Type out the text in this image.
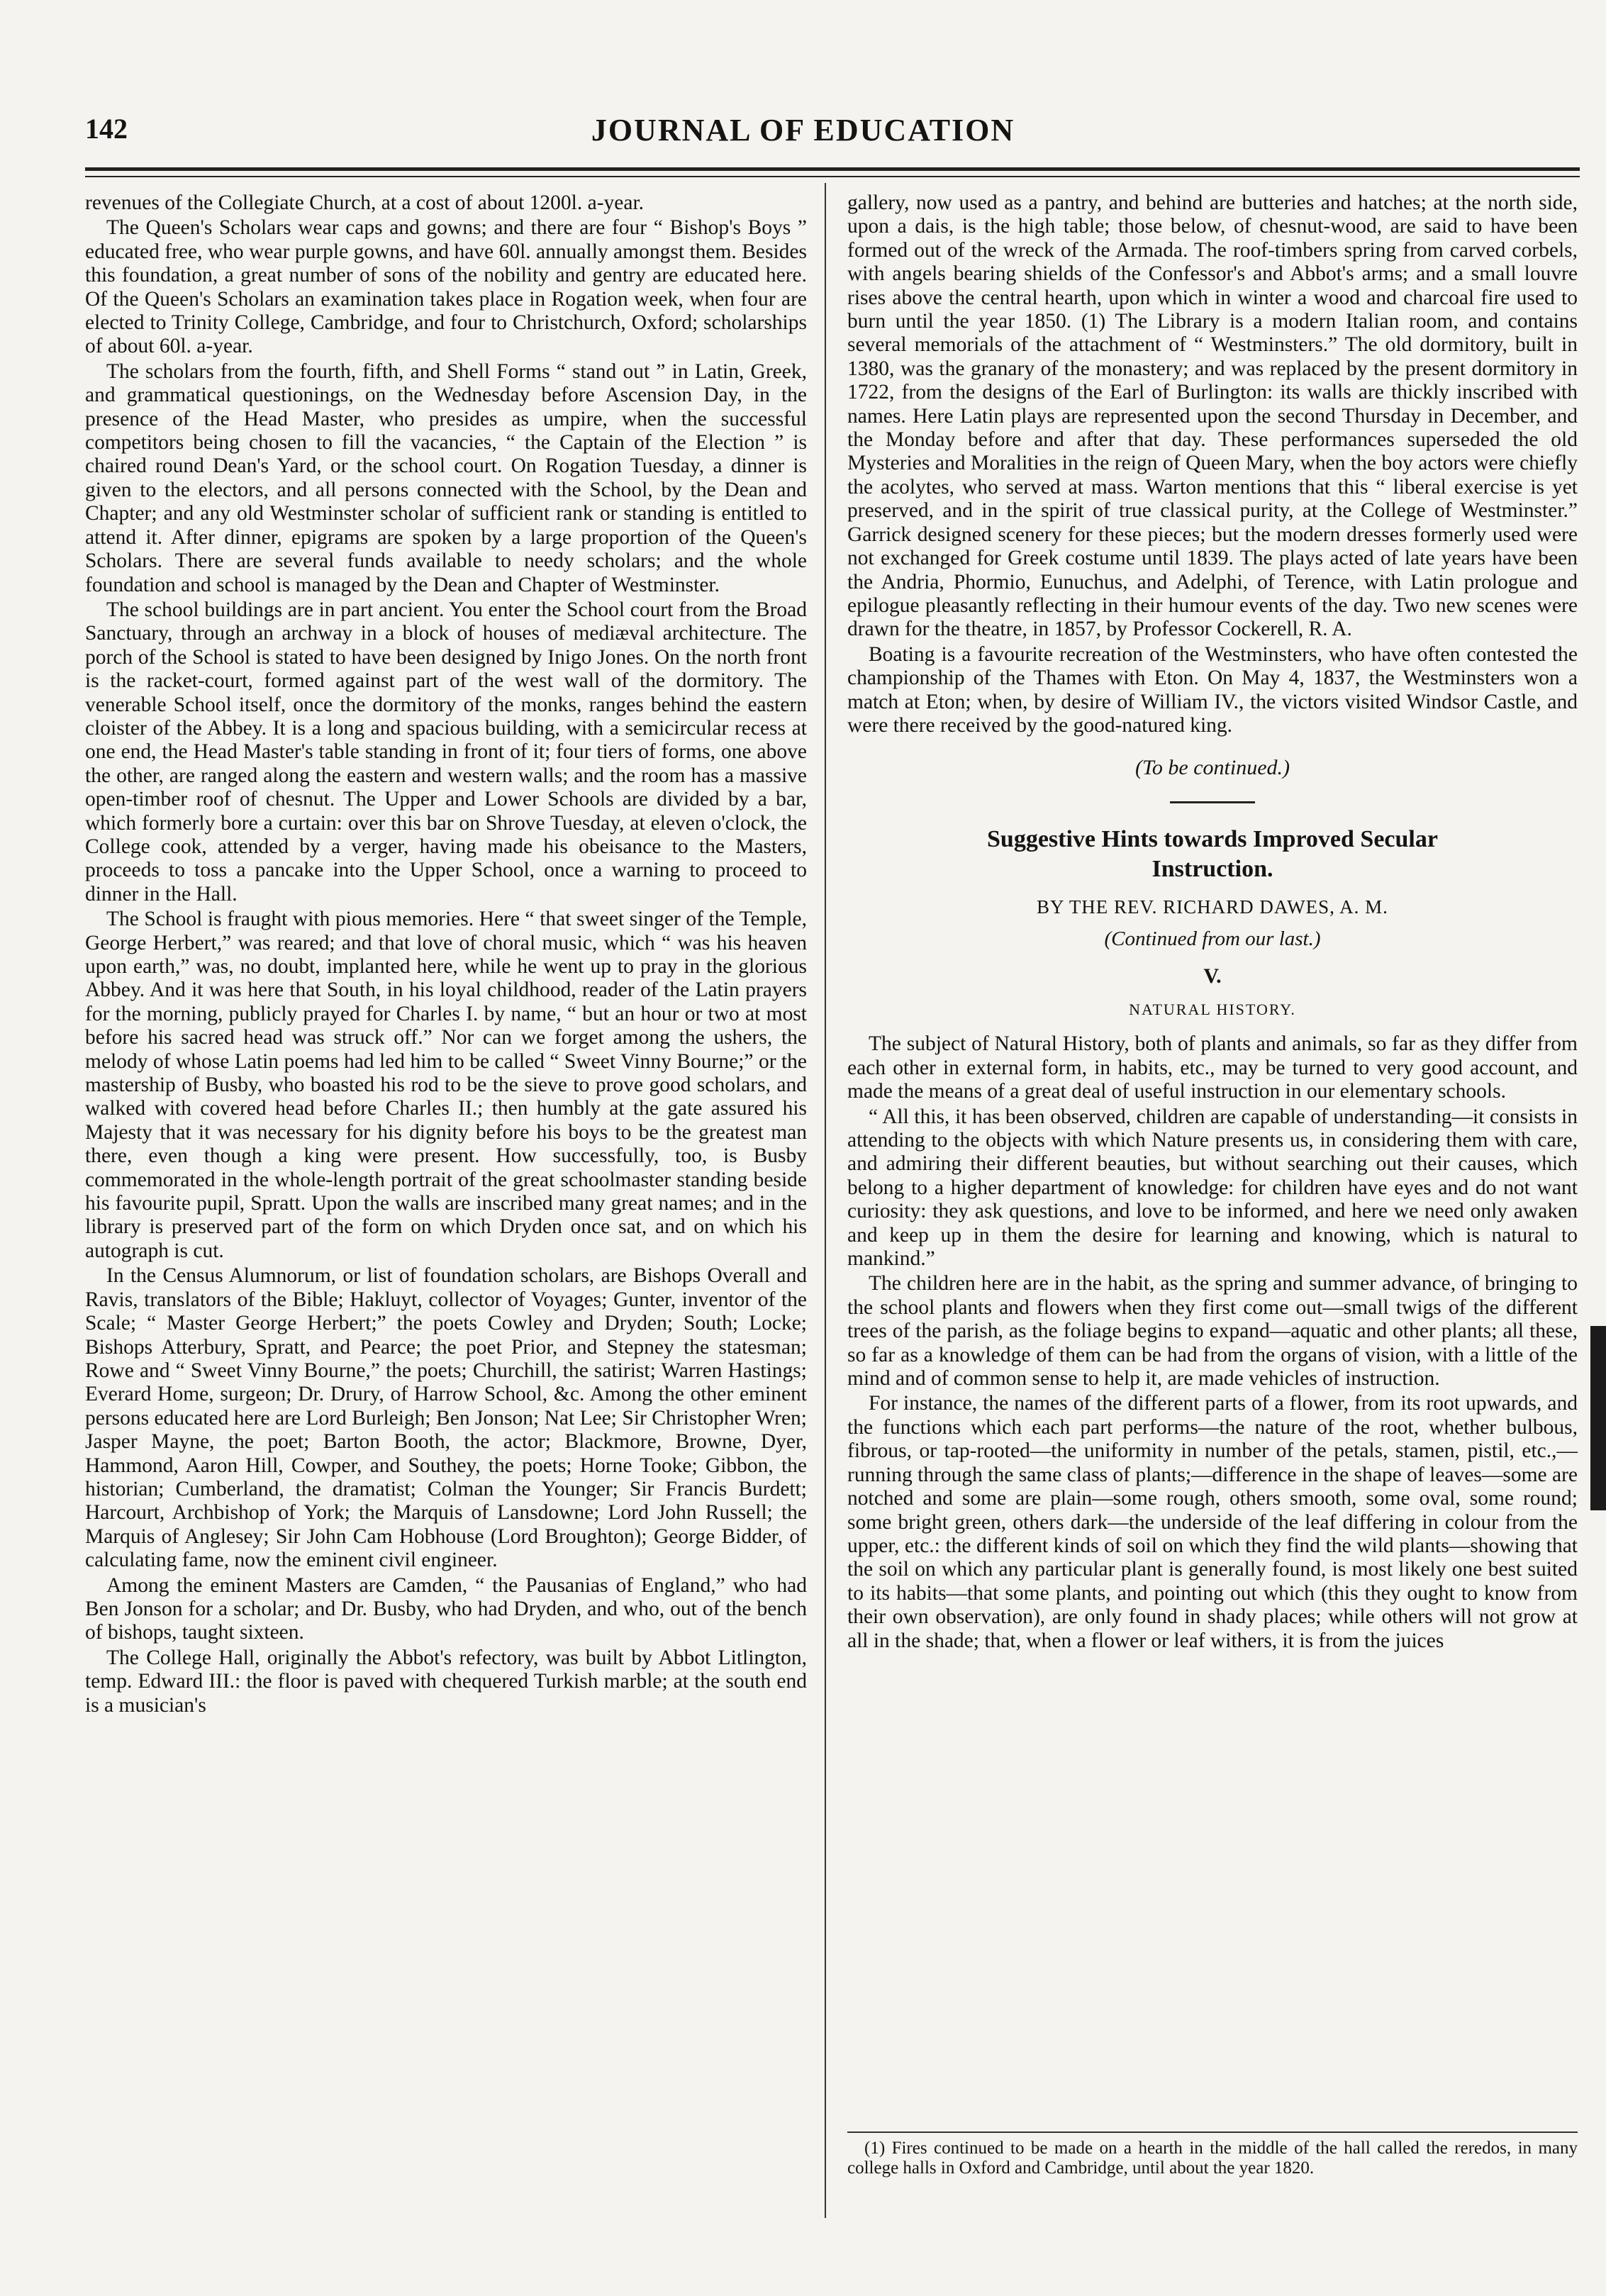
142	JOURNAL OF EDUCATION

revenues of the Collegiate Church, at a cost of about 1200l. a-year.

The Queen's Scholars wear caps and gowns; and there are four “ Bishop's Boys ” educated free, who wear purple gowns, and have 60l. annually amongst them. Besides this foundation, a great number of sons of the nobility and gentry are educated here. Of the Queen's Scholars an examination takes place in Rogation week, when four are elected to Trinity College, Cambridge, and four to Christchurch, Oxford; scholarships of about 60l. a-year.

The scholars from the fourth, fifth, and Shell Forms “ stand out ” in Latin, Greek, and grammatical questionings, on the Wednesday before Ascension Day, in the presence of the Head Master, who presides as umpire, when the successful competitors being chosen to fill the vacancies, “ the Captain of the Election ” is chaired round Dean's Yard, or the school court. On Rogation Tuesday, a dinner is given to the electors, and all persons connected with the School, by the Dean and Chapter; and any old Westminster scholar of sufficient rank or standing is entitled to attend it. After dinner, epigrams are spoken by a large proportion of the Queen's Scholars. There are several funds available to needy scholars; and the whole foundation and school is managed by the Dean and Chapter of Westminster.

The school buildings are in part ancient. You enter the School court from the Broad Sanctuary, through an archway in a block of houses of mediæval architecture. The porch of the School is stated to have been designed by Inigo Jones. On the north front is the racket-court, formed against part of the west wall of the dormitory. The venerable School itself, once the dormitory of the monks, ranges behind the eastern cloister of the Abbey. It is a long and spacious building, with a semicircular recess at one end, the Head Master's table standing in front of it; four tiers of forms, one above the other, are ranged along the eastern and western walls; and the room has a massive open-timber roof of chesnut. The Upper and Lower Schools are divided by a bar, which formerly bore a curtain: over this bar on Shrove Tuesday, at eleven o'clock, the College cook, attended by a verger, having made his obeisance to the Masters, proceeds to toss a pancake into the Upper School, once a warning to proceed to dinner in the Hall.

The School is fraught with pious memories. Here “ that sweet singer of the Temple, George Herbert,” was reared; and that love of choral music, which “ was his heaven upon earth,” was, no doubt, implanted here, while he went up to pray in the glorious Abbey. And it was here that South, in his loyal childhood, reader of the Latin prayers for the morning, publicly prayed for Charles I. by name, “ but an hour or two at most before his sacred head was struck off.” Nor can we forget among the ushers, the melody of whose Latin poems had led him to be called “ Sweet Vinny Bourne;” or the mastership of Busby, who boasted his rod to be the sieve to prove good scholars, and walked with covered head before Charles II.; then humbly at the gate assured his Majesty that it was necessary for his dignity before his boys to be the greatest man there, even though a king were present. How successfully, too, is Busby commemorated in the whole-length portrait of the great schoolmaster standing beside his favourite pupil, Spratt. Upon the walls are inscribed many great names; and in the library is preserved part of the form on which Dryden once sat, and on which his autograph is cut.

In the Census Alumnorum, or list of foundation scholars, are Bishops Overall and Ravis, translators of the Bible; Hakluyt, collector of Voyages; Gunter, inventor of the Scale; “ Master George Herbert;” the poets Cowley and Dryden; South; Locke; Bishops Atterbury, Spratt, and Pearce; the poet Prior, and Stepney the statesman; Rowe and “ Sweet Vinny Bourne,” the poets; Churchill, the satirist; Warren Hastings; Everard Home, surgeon; Dr. Drury, of Harrow School, &c. Among the other eminent persons educated here are Lord Burleigh; Ben Jonson; Nat Lee; Sir Christopher Wren; Jasper Mayne, the poet; Barton Booth, the actor; Blackmore, Browne, Dyer, Hammond, Aaron Hill, Cowper, and Southey, the poets; Horne Tooke; Gibbon, the historian; Cumberland, the dramatist; Colman the Younger; Sir Francis Burdett; Harcourt, Archbishop of York; the Marquis of Lansdowne; Lord John Russell; the Marquis of Anglesey; Sir John Cam Hobhouse (Lord Broughton); George Bidder, of calculating fame, now the eminent civil engineer.

Among the eminent Masters are Camden, “ the Pausanias of England,” who had Ben Jonson for a scholar; and Dr. Busby, who had Dryden, and who, out of the bench of bishops, taught sixteen.

The College Hall, originally the Abbot's refectory, was built by Abbot Litlington, temp. Edward III.: the floor is paved with chequered Turkish marble; at the south end is a musician's

gallery, now used as a pantry, and behind are butteries and hatches; at the north side, upon a dais, is the high table; those below, of chesnut-wood, are said to have been formed out of the wreck of the Armada. The roof-timbers spring from carved corbels, with angels bearing shields of the Confessor's and Abbot's arms; and a small louvre rises above the central hearth, upon which in winter a wood and charcoal fire used to burn until the year 1850. (1) The Library is a modern Italian room, and contains several memorials of the attachment of “ Westminsters.” The old dormitory, built in 1380, was the granary of the monastery; and was replaced by the present dormitory in 1722, from the designs of the Earl of Burlington: its walls are thickly inscribed with names. Here Latin plays are represented upon the second Thursday in December, and the Monday before and after that day. These performances superseded the old Mysteries and Moralities in the reign of Queen Mary, when the boy actors were chiefly the acolytes, who served at mass. Warton mentions that this “ liberal exercise is yet preserved, and in the spirit of true classical purity, at the College of Westminster.” Garrick designed scenery for these pieces; but the modern dresses formerly used were not exchanged for Greek costume until 1839. The plays acted of late years have been the Andria, Phormio, Eunuchus, and Adelphi, of Terence, with Latin prologue and epilogue pleasantly reflecting in their humour events of the day. Two new scenes were drawn for the theatre, in 1857, by Professor Cockerell, R. A.

Boating is a favourite recreation of the Westminsters, who have often contested the championship of the Thames with Eton. On May 4, 1837, the Westminsters won a match at Eton; when, by desire of William IV., the victors visited Windsor Castle, and were there received by the good-natured king.

(To be continued.)
Suggestive Hints towards Improved Secular
Instruction.
BY THE REV. RICHARD DAWES, A. M.
(Continued from our last.)
V.
NATURAL HISTORY.

The subject of Natural History, both of plants and animals, so far as they differ from each other in external form, in habits, etc., may be turned to very good account, and made the means of a great deal of useful instruction in our elementary schools.

“ All this, it has been observed, children are capable of understanding—it consists in attending to the objects with which Nature presents us, in considering them with care, and admiring their different beauties, but without searching out their causes, which belong to a higher department of knowledge: for children have eyes and do not want curiosity: they ask questions, and love to be informed, and here we need only awaken and keep up in them the desire for learning and knowing, which is natural to mankind.”

The children here are in the habit, as the spring and summer advance, of bringing to the school plants and flowers when they first come out—small twigs of the different trees of the parish, as the foliage begins to expand—aquatic and other plants; all these, so far as a knowledge of them can be had from the organs of vision, with a little of the mind and of common sense to help it, are made vehicles of instruction.

For instance, the names of the different parts of a flower, from its root upwards, and the functions which each part performs—the nature of the root, whether bulbous, fibrous, or tap-rooted—the uniformity in number of the petals, stamen, pistil, etc.,—running through the same class of plants;—difference in the shape of leaves—some are notched and some are plain—some rough, others smooth, some oval, some round; some bright green, others dark—the underside of the leaf differing in colour from the upper, etc.: the different kinds of soil on which they find the wild plants—showing that the soil on which any particular plant is generally found, is most likely one best suited to its habits—that some plants, and pointing out which (this they ought to know from their own observation), are only found in shady places; while others will not grow at all in the shade; that, when a flower or leaf withers, it is from the juices

(1) Fires continued to be made on a hearth in the middle of the hall called the reredos, in many college halls in Oxford and Cambridge, until about the year 1820.
